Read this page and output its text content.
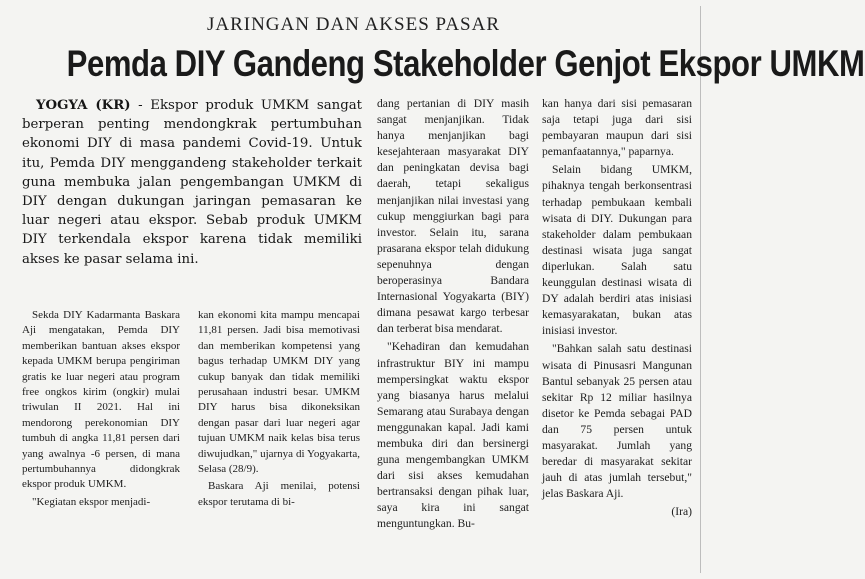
JARINGAN DAN AKSES PASAR
Pemda DIY Gandeng Stakeholder Genjot Ekspor UMKM

YOGYA (KR) - Ekspor produk UMKM sangat berperan penting mendongkrak pertumbuhan ekonomi DIY di masa pandemi Covid-19. Untuk itu, Pemda DIY menggandeng stakeholder terkait guna membuka jalan pengembangan UMKM di DIY dengan dukungan jaringan pemasaran ke luar negeri atau ekspor. Sebab produk UMKM DIY terkendala ekspor karena tidak memiliki akses ke pasar selama ini.

Sekda DIY Kadarmanta Baskara Aji mengatakan, Pemda DIY memberikan bantuan akses ekspor kepada UMKM berupa pengiriman gratis ke luar negeri atau program free ongkos kirim (ongkir) mulai triwulan II 2021. Hal ini mendorong perekonomian DIY tumbuh di angka 11,81 persen dari yang awalnya -6 persen, di mana pertumbuhannya didongkrak ekspor produk UMKM.

"Kegiatan ekspor menjadi-

kan ekonomi kita mampu mencapai 11,81 persen. Jadi bisa memotivasi dan memberikan kompetensi yang bagus terhadap UMKM DIY yang cukup banyak dan tidak memiliki perusahaan industri besar. UMKM DIY harus bisa dikoneksikan dengan pasar dari luar negeri agar tujuan UMKM naik kelas bisa terus diwujudkan," ujarnya di Yogyakarta, Selasa (28/9).

Baskara Aji menilai, potensi ekspor terutama di bi-

dang pertanian di DIY masih sangat menjanjikan. Tidak hanya menjanjikan bagi kesejahteraan masyarakat DIY dan peningkatan devisa bagi daerah, tetapi sekaligus menjanjikan nilai investasi yang cukup menggiurkan bagi para investor. Selain itu, sarana prasarana ekspor telah didukung sepenuhnya dengan beroperasinya Bandara Internasional Yogyakarta (BIY) dimana pesawat kargo terbesar dan terberat bisa mendarat.

"Kehadiran dan kemudahan infrastruktur BIY ini mampu mempersingkat waktu ekspor yang biasanya harus melalui Semarang atau Surabaya dengan menggunakan kapal. Jadi kami membuka diri dan bersinergi guna mengembangkan UMKM dari sisi akses kemudahan bertransaksi dengan pihak luar, saya kira ini sangat menguntungkan. Bu-

kan hanya dari sisi pemasaran saja tetapi juga dari sisi pembayaran maupun dari sisi pemanfaatannya," paparnya.

Selain bidang UMKM, pihaknya tengah berkonsentrasi terhadap pembukaan kembali wisata di DIY. Dukungan para stakeholder dalam pembukaan destinasi wisata juga sangat diperlukan. Salah satu keunggulan destinasi wisata di DY adalah berdiri atas inisiasi kemasyarakatan, bukan atas inisiasi investor.

"Bahkan salah satu destinasi wisata di Pinusasri Mangunan Bantul sebanyak 25 persen atau sekitar Rp 12 miliar hasilnya disetor ke Pemda sebagai PAD dan 75 persen untuk masyarakat. Jumlah yang beredar di masyarakat sekitar jauh di atas jumlah tersebut," jelas Baskara Aji.

(Ira)
